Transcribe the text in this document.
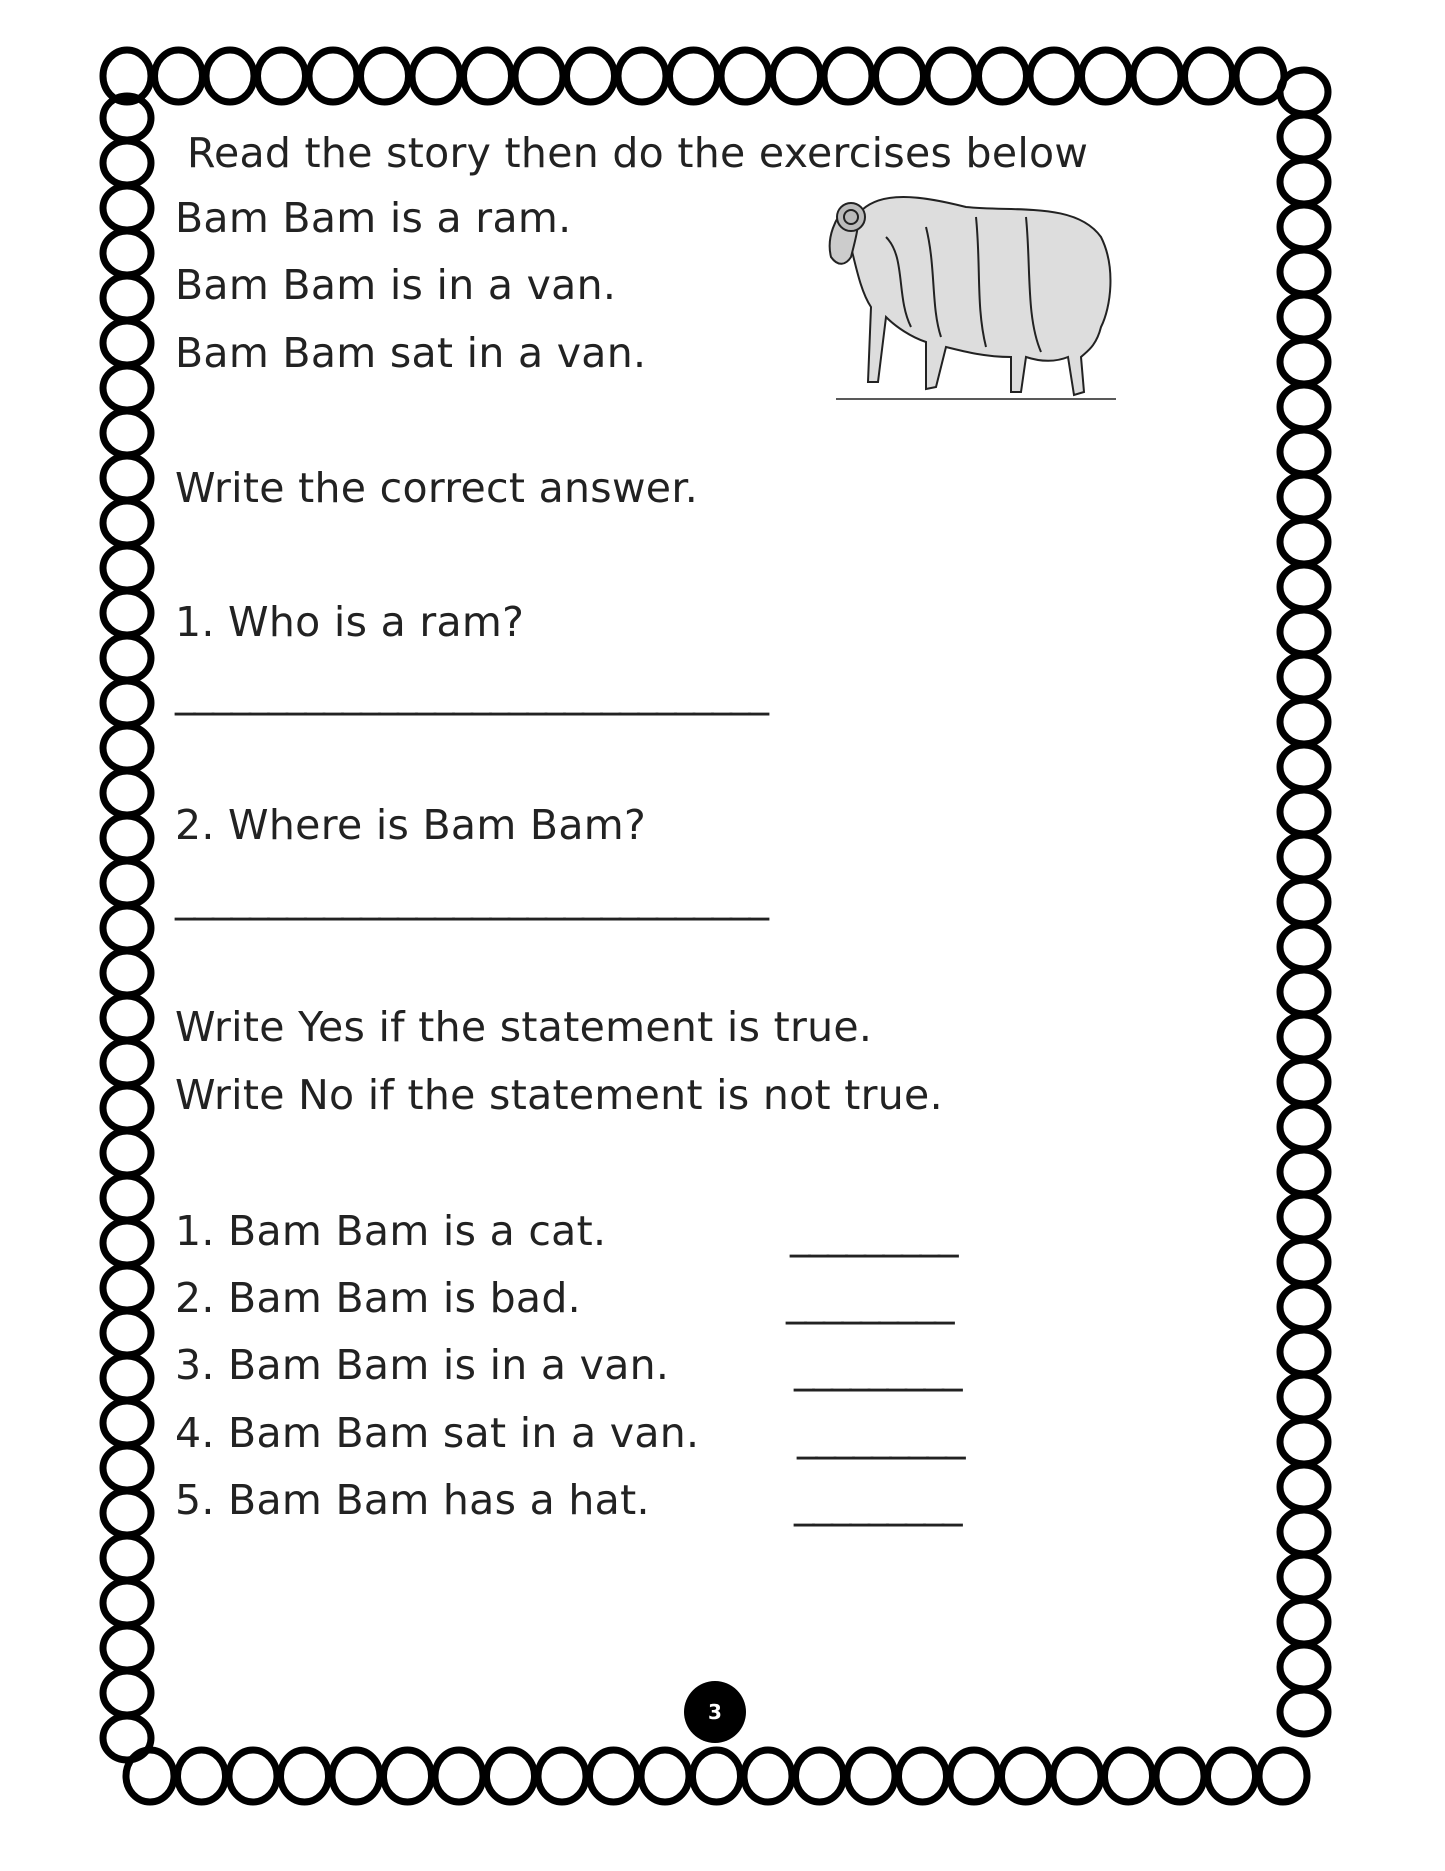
Read the story then do the exercises below
Bam Bam is a ram.
Bam Bam is in a van.
Bam Bam sat in a van.
Write the correct answer.
1. Who is a ram?
________________________________
2. Where is Bam Bam?
________________________________
Write Yes if the statement is true.
Write No if the statement is not true.
1. Bam Bam is a cat.	_________
2. Bam Bam is bad.	_________
3. Bam Bam is in a van.	_________
4. Bam Bam sat in a van. _________
5. Bam Bam has a hat.	_________
3
